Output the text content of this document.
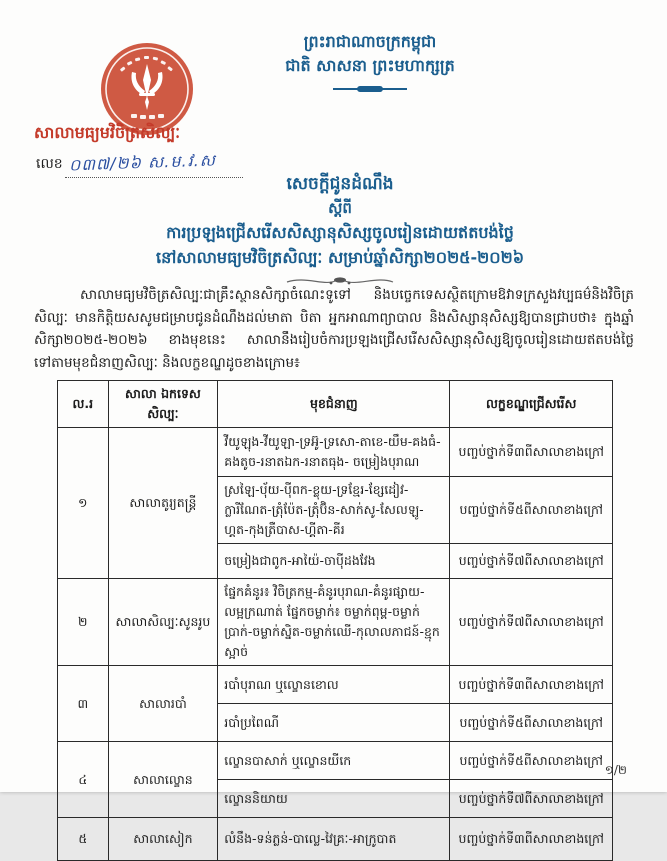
ព្រះរាជាណាចក្រកម្ពុជា
ជាតិ សាសនា ព្រះមហាក្សត្រ
សាលាមធ្យមវិចិត្រសិល្បៈ
លេខ ០៣៧/២៦ ស.ម.វ.ស
សេចក្តីជូនដំណឹង
ស្តីពី
ការប្រឡងជ្រើសរើសសិស្សានុសិស្សចូលរៀនដោយឥតបង់ថ្លៃ
នៅសាលាមធ្យមវិចិត្រសិល្បៈ សម្រាប់ឆ្នាំសិក្សា២០២៥-២០២៦

សាលាមធ្យមវិចិត្រសិល្បៈជាគ្រឹះស្ថានសិក្សាចំណេះទូទៅ និងបច្ចេកទេសស្ថិតក្រោមឱវាទក្រសួងវប្បធម៌និងវិចិត្រសិល្បៈ មានកិត្តិយសសូមជម្រាបជូនដំណឹងដល់មាតា បិតា អ្នកអាណាព្យាបាល និងសិស្សានុសិស្សឱ្យបានជ្រាបថា៖ ក្នុងឆ្នាំសិក្សា២០២៥-២០២៦ ខាងមុខនេះ សាលានឹងរៀបចំការប្រឡងជ្រើសរើសសិស្សានុសិស្សឱ្យចូលរៀនដោយឥតបង់ថ្លៃទៅតាមមុខជំនាញសិល្បៈ និងលក្ខខណ្ឌដូចខាងក្រោម៖

ល.រ	សាលា ឯកទេសសិល្បៈ	មុខជំនាញ	លក្ខខណ្ឌជ្រើសរើស
១	សាលាតូរ្យតន្ត្រី	វីយូឡុង-វីយូឡា-ទ្រអ៊ូ-ទ្រសោ-តាខេ-យឹម-គងធំ-គងតូច-រនាតឯក-រនាតធុង- ចម្រៀងបុរាណ	បញ្ចប់ថ្នាក់ទី៣ពីសាលាខាងក្រៅ
		ស្រឡៃ-ប៉័យ-ប៉ីពក-ខ្លុយ-ទ្រខ្មែរ-ខ្សែដៀវ-ក្លារីណែត-ត្រុំប៉ែត-ត្រុំប៊ិន-សាក់សូ-សែលឡូ-ហ្គត-កុងត្រឺបាស-ហ្គីតា-គីរ	បញ្ចប់ថ្នាក់ទី៥ពីសាលាខាងក្រៅ
		ចម្រៀងជាពូក-អាយ៉ៃ-ចាប៉ីដងវែង	បញ្ចប់ថ្នាក់ទី៧ពីសាលាខាងក្រៅ
២	សាលាសិល្បៈសូនរូប	ផ្នែកគំនូរ៖ វិចិត្រកម្ម-គំនូរបុរាណ-គំនូរផ្សាយ-លម្អក្រណាត់ ផ្នែកចម្លាក់៖ ចម្លាក់ពុម្ព-ចម្លាក់ប្រាក់-ចម្លាក់ស្និត-ចម្លាក់ឈើ-កុលាលភាជន៍-ខ្មុកស្អាច់	បញ្ចប់ថ្នាក់ទី៧ពីសាលាខាងក្រៅ
៣	សាលារបាំ	របាំបុរាណ ឬល្ខោនខោល	បញ្ចប់ថ្នាក់ទី៣ពីសាលាខាងក្រៅ
		របាំប្រពៃណី	បញ្ចប់ថ្នាក់ទី៥ពីសាលាខាងក្រៅ
៤	សាលាល្ខោន	ល្ខោនបាសាក់ ឬល្ខោនយីកេ	បញ្ចប់ថ្នាក់ទី៥ពីសាលាខាងក្រៅ
		ល្ខោននិយាយ	បញ្ចប់ថ្នាក់ទី៧ពីសាលាខាងក្រៅ
៥	សាលាសៀក	លំនឹង-ទន់ភ្លន់-បាល្លេ-វៃគ្រៈ-អាក្រូបាត	បញ្ចប់ថ្នាក់ទី៣ពីសាលាខាងក្រៅ
១/២
